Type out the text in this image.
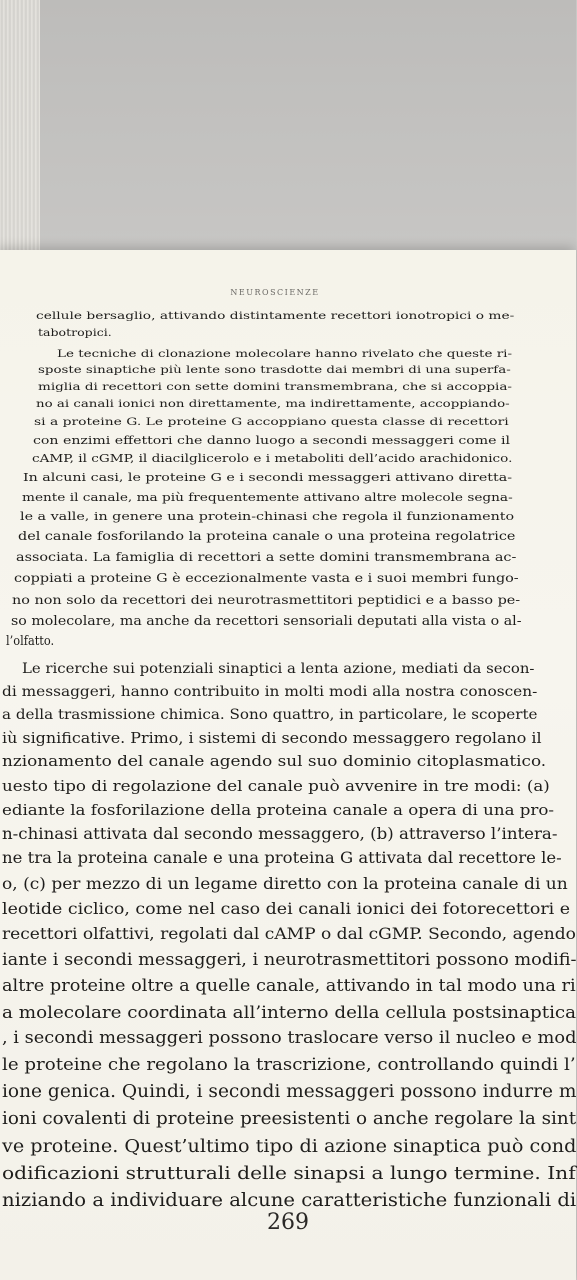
NEUROSCIENZE
cellule bersaglio, attivando distintamente recettori ionotropici o me-
tabotropici.
Le tecniche di clonazione molecolare hanno rivelato che queste ri-
sposte sinaptiche più lente sono trasdotte dai membri di una superfa-
miglia di recettori con sette domini transmembrana, che si accoppia-
no ai canali ionici non direttamente, ma indirettamente, accoppiando-
si a proteine G. Le proteine G accoppiano questa classe di recettori
con enzimi effettori che danno luogo a secondi messaggeri come il
cAMP, il cGMP, il diacilglicerolo e i metaboliti dell’acido arachidonico.
In alcuni casi, le proteine G e i secondi messaggeri attivano diretta-
mente il canale, ma più frequentemente attivano altre molecole segna-
le a valle, in genere una protein-chinasi che regola il funzionamento
del canale fosforilando la proteina canale o una proteina regolatrice
associata. La famiglia di recettori a sette domini transmembrana ac-
coppiati a proteine G è eccezionalmente vasta e i suoi membri fungo-
no non solo da recettori dei neurotrasmettitori peptidici e a basso pe-
so molecolare, ma anche da recettori sensoriali deputati alla vista o al-
l’olfatto.
Le ricerche sui potenziali sinaptici a lenta azione, mediati da secon-
di messaggeri, hanno contribuito in molti modi alla nostra conoscen-
a della trasmissione chimica. Sono quattro, in particolare, le scoperte
iù significative. Primo, i sistemi di secondo messaggero regolano il
nzionamento del canale agendo sul suo dominio citoplasmatico.
uesto tipo di regolazione del canale può avvenire in tre modi: (a)
ediante la fosforilazione della proteina canale a opera di una pro-
n-chinasi attivata dal secondo messaggero, (b) attraverso l’intera-
ne tra la proteina canale e una proteina G attivata dal recettore le-
o, (c) per mezzo di un legame diretto con la proteina canale di un
leotide ciclico, come nel caso dei canali ionici dei fotorecettori e
recettori olfattivi, regolati dal cAMP o dal cGMP. Secondo, agendo
iante i secondi messaggeri, i neurotrasmettitori possono modifi-
altre proteine oltre a quelle canale, attivando in tal modo una ri
a molecolare coordinata all’interno della cellula postsinaptica
, i secondi messaggeri possono traslocare verso il nucleo e mod
le proteine che regolano la trascrizione, controllando quindi l’
ione genica. Quindi, i secondi messaggeri possono indurre m
ioni covalenti di proteine preesistenti o anche regolare la sint
ve proteine. Quest’ultimo tipo di azione sinaptica può cond
odificazioni strutturali delle sinapsi a lungo termine. Inf
niziando a individuare alcune caratteristiche funzionali di
269
